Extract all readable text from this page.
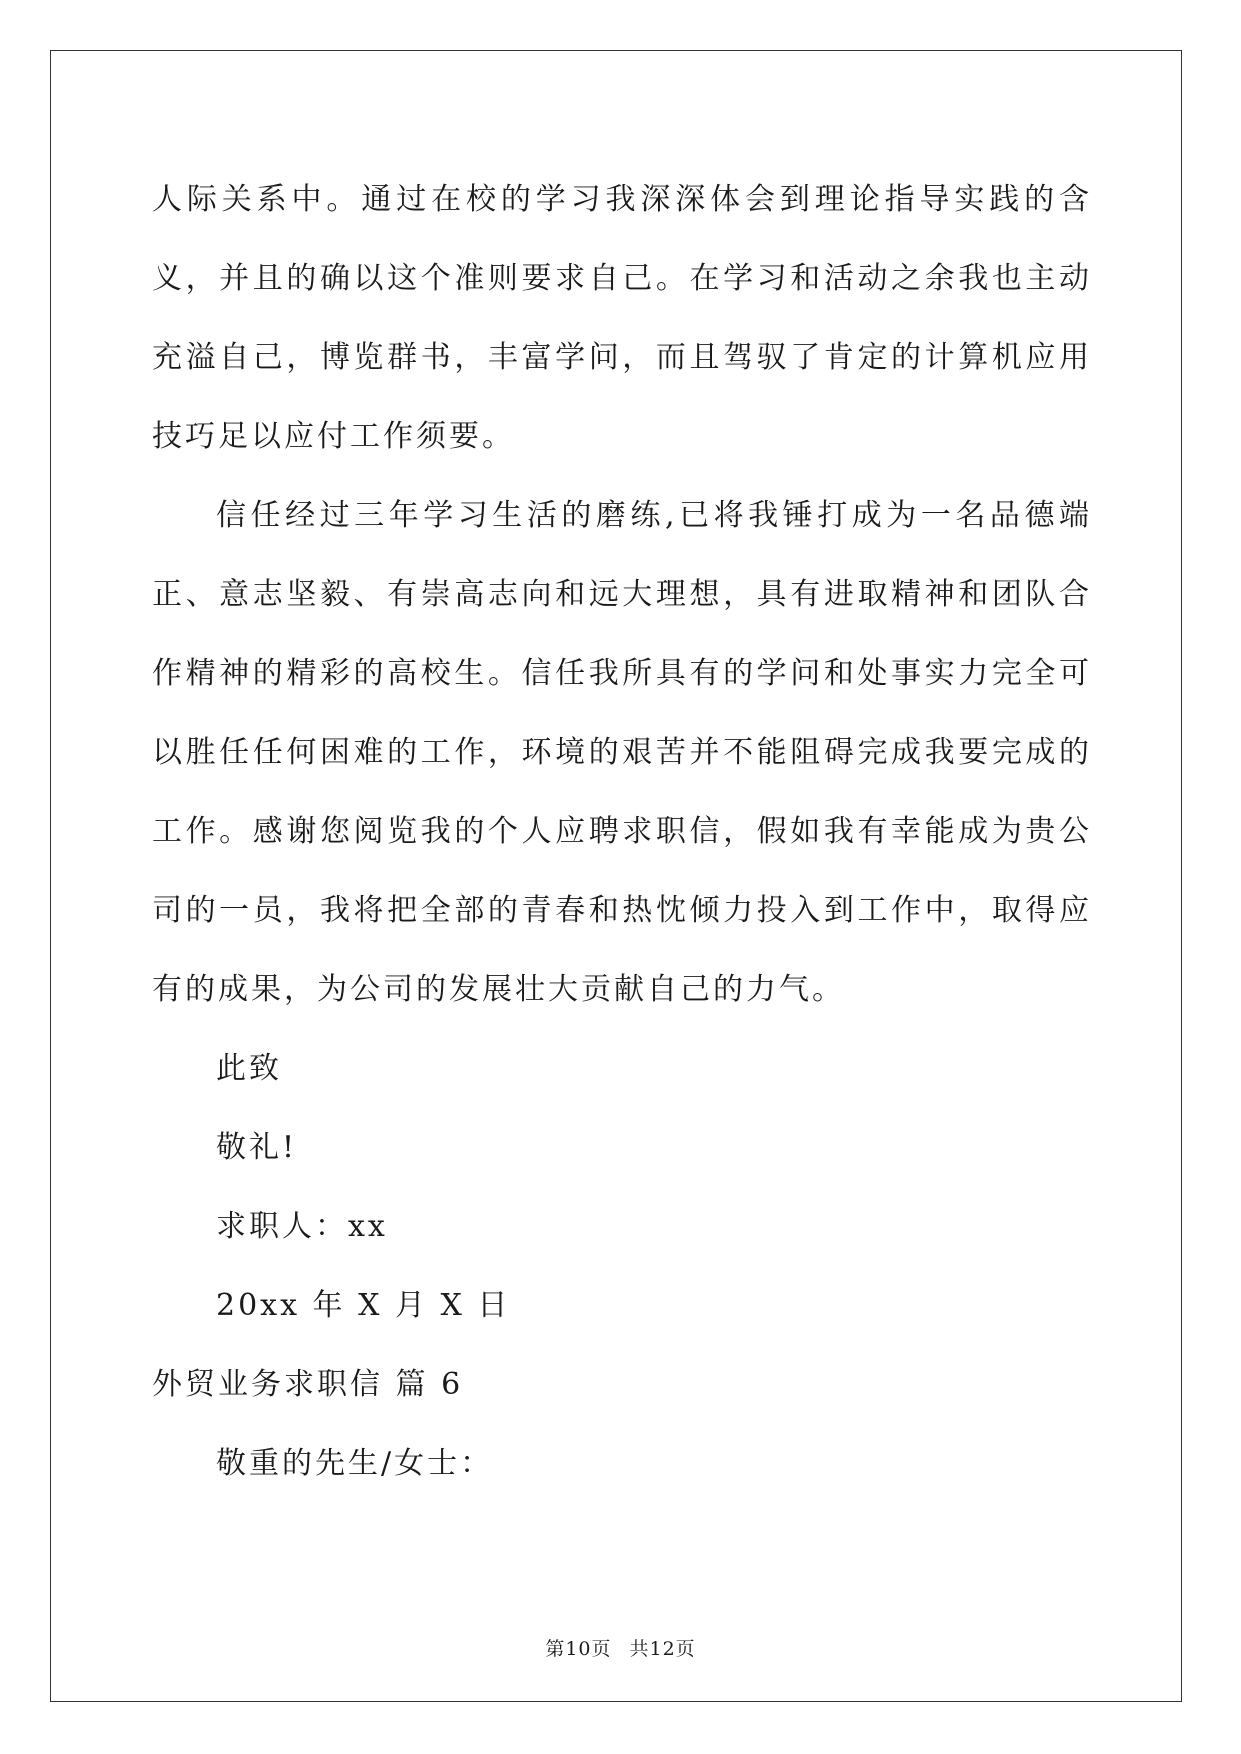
人际关系中。通过在校的学习我深深体会到理论指导实践的含义，并且的确以这个准则要求自己。在学习和活动之余我也主动充溢自己，博览群书，丰富学问，而且驾驭了肯定的计算机应用技巧足以应付工作须要。

信任经过三年学习生活的磨练,已将我锤打成为一名品德端正、意志坚毅、有崇高志向和远大理想，具有进取精神和团队合作精神的精彩的高校生。信任我所具有的学问和处事实力完全可以胜任任何困难的工作，环境的艰苦并不能阻碍完成我要完成的工作。感谢您阅览我的个人应聘求职信，假如我有幸能成为贵公司的一员，我将把全部的青春和热忱倾力投入到工作中，取得应有的成果，为公司的发展壮大贡献自己的力气。

此致

敬礼!

求职人：xx

20xx 年 X 月 X 日

外贸业务求职信 篇 6

敬重的先生/女士：

第10页 共12页
